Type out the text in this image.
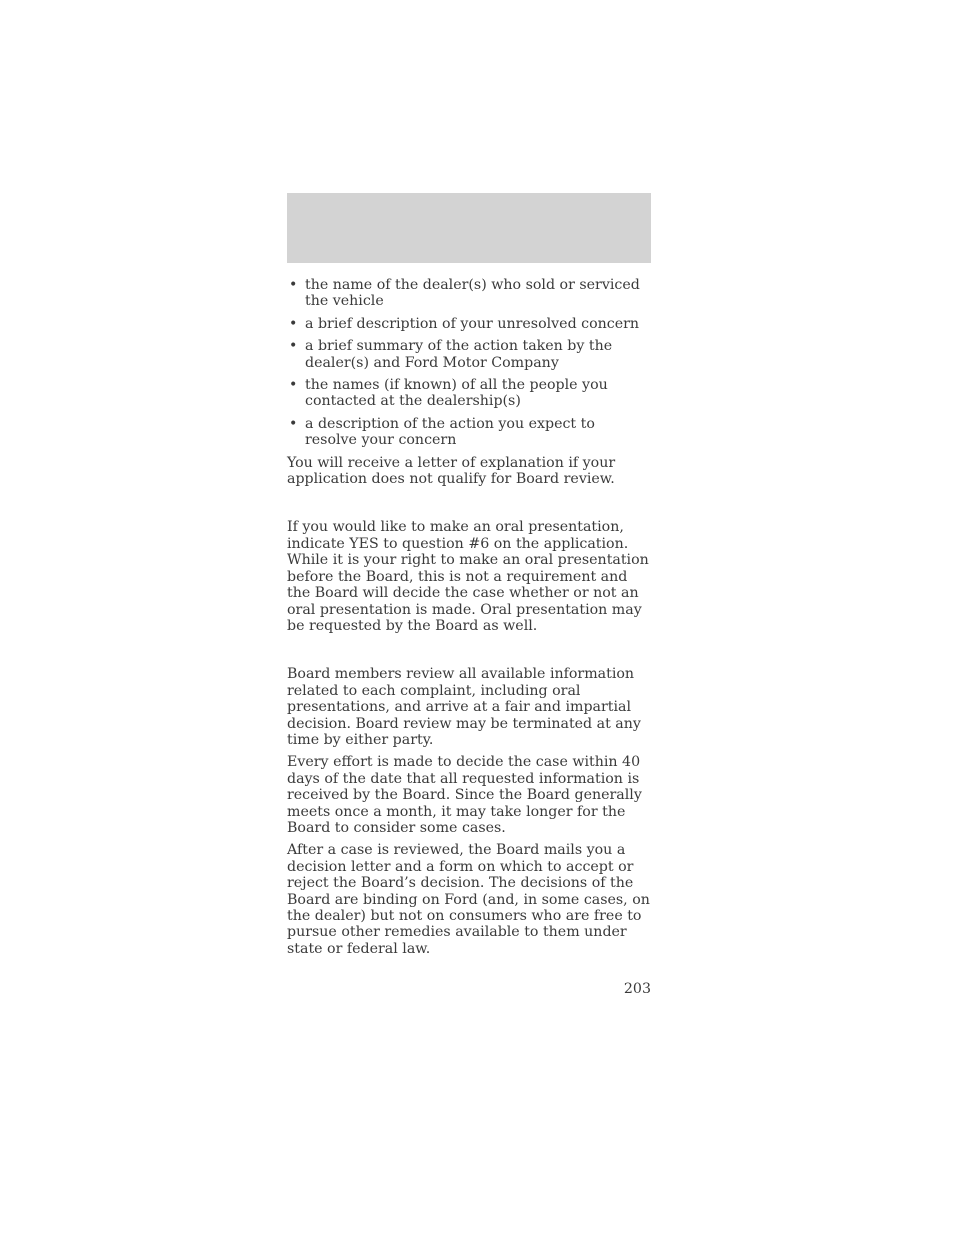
• the name of the dealer(s) who sold or serviced the vehicle
• a brief description of your unresolved concern
• a brief summary of the action taken by the dealer(s) and Ford Motor Company
• the names (if known) of all the people you contacted at the dealership(s)
• a description of the action you expect to resolve your concern

You will receive a letter of explanation if your application does not qualify for Board review.

If you would like to make an oral presentation, indicate YES to question #6 on the application. While it is your right to make an oral presentation before the Board, this is not a requirement and the Board will decide the case whether or not an oral presentation is made. Oral presentation may be requested by the Board as well.

Board members review all available information related to each complaint, including oral presentations, and arrive at a fair and impartial decision. Board review may be terminated at any time by either party.

Every effort is made to decide the case within 40 days of the date that all requested information is received by the Board. Since the Board generally meets once a month, it may take longer for the Board to consider some cases.

After a case is reviewed, the Board mails you a decision letter and a form on which to accept or reject the Board’s decision. The decisions of the Board are binding on Ford (and, in some cases, on the dealer) but not on consumers who are free to pursue other remedies available to them under state or federal law.

203
